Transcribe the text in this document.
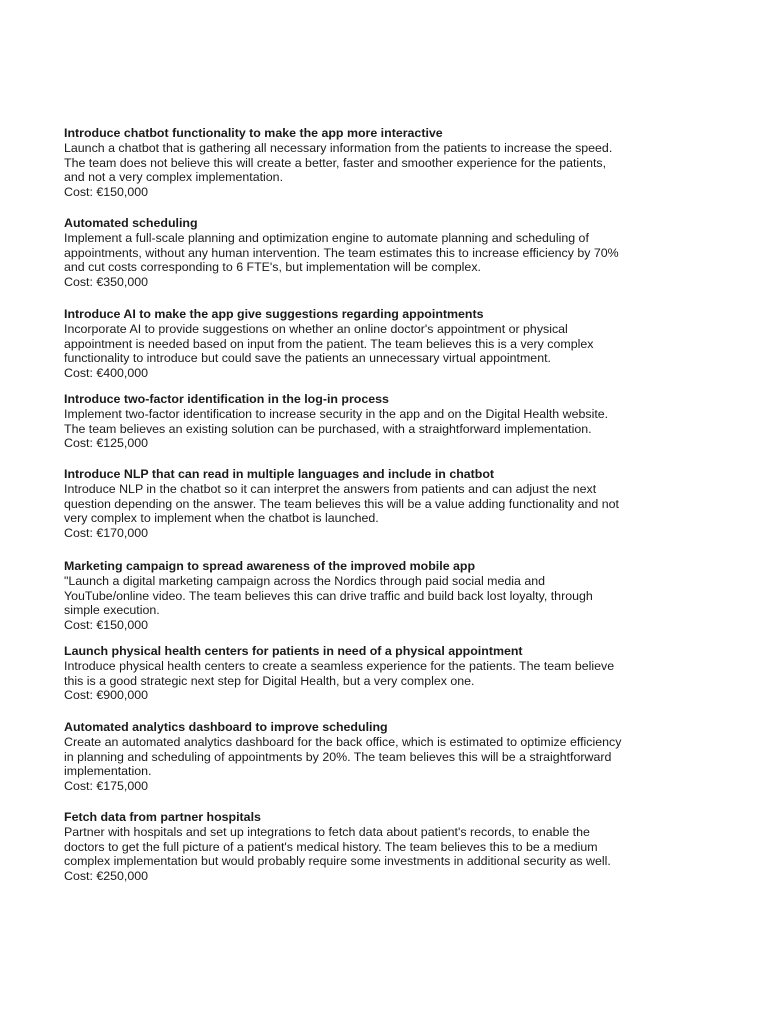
Introduce chatbot functionality to make the app more interactive

Launch a chatbot that is gathering all necessary information from the patients to increase the speed.
The team does not believe this will create a better, faster and smoother experience for the patients,
and not a very complex implementation.

Cost: €150,000

Automated scheduling

Implement a full-scale planning and optimization engine to automate planning and scheduling of
appointments, without any human intervention. The team estimates this to increase efficiency by 70%
and cut costs corresponding to 6 FTE's, but implementation will be complex.

Cost: €350,000

Introduce AI to make the app give suggestions regarding appointments

Incorporate AI to provide suggestions on whether an online doctor's appointment or physical
appointment is needed based on input from the patient. The team believes this is a very complex
functionality to introduce but could save the patients an unnecessary virtual appointment.

Cost: €400,000

Introduce two-factor identification in the log-in process

Implement two-factor identification to increase security in the app and on the Digital Health website.
The team believes an existing solution can be purchased, with a straightforward implementation.

Cost: €125,000

Introduce NLP that can read in multiple languages and include in chatbot

Introduce NLP in the chatbot so it can interpret the answers from patients and can adjust the next
question depending on the answer. The team believes this will be a value adding functionality and not
very complex to implement when the chatbot is launched.

Cost: €170,000

Marketing campaign to spread awareness of the improved mobile app

"Launch a digital marketing campaign across the Nordics through paid social media and
YouTube/online video. The team believes this can drive traffic and build back lost loyalty, through
simple execution.

Cost: €150,000

Launch physical health centers for patients in need of a physical appointment

Introduce physical health centers to create a seamless experience for the patients. The team believe
this is a good strategic next step for Digital Health, but a very complex one.

Cost: €900,000

Automated analytics dashboard to improve scheduling

Create an automated analytics dashboard for the back office, which is estimated to optimize efficiency
in planning and scheduling of appointments by 20%. The team believes this will be a straightforward
implementation.

Cost: €175,000

Fetch data from partner hospitals

Partner with hospitals and set up integrations to fetch data about patient's records, to enable the
doctors to get the full picture of a patient's medical history. The team believes this to be a medium
complex implementation but would probably require some investments in additional security as well.

Cost: €250,000
